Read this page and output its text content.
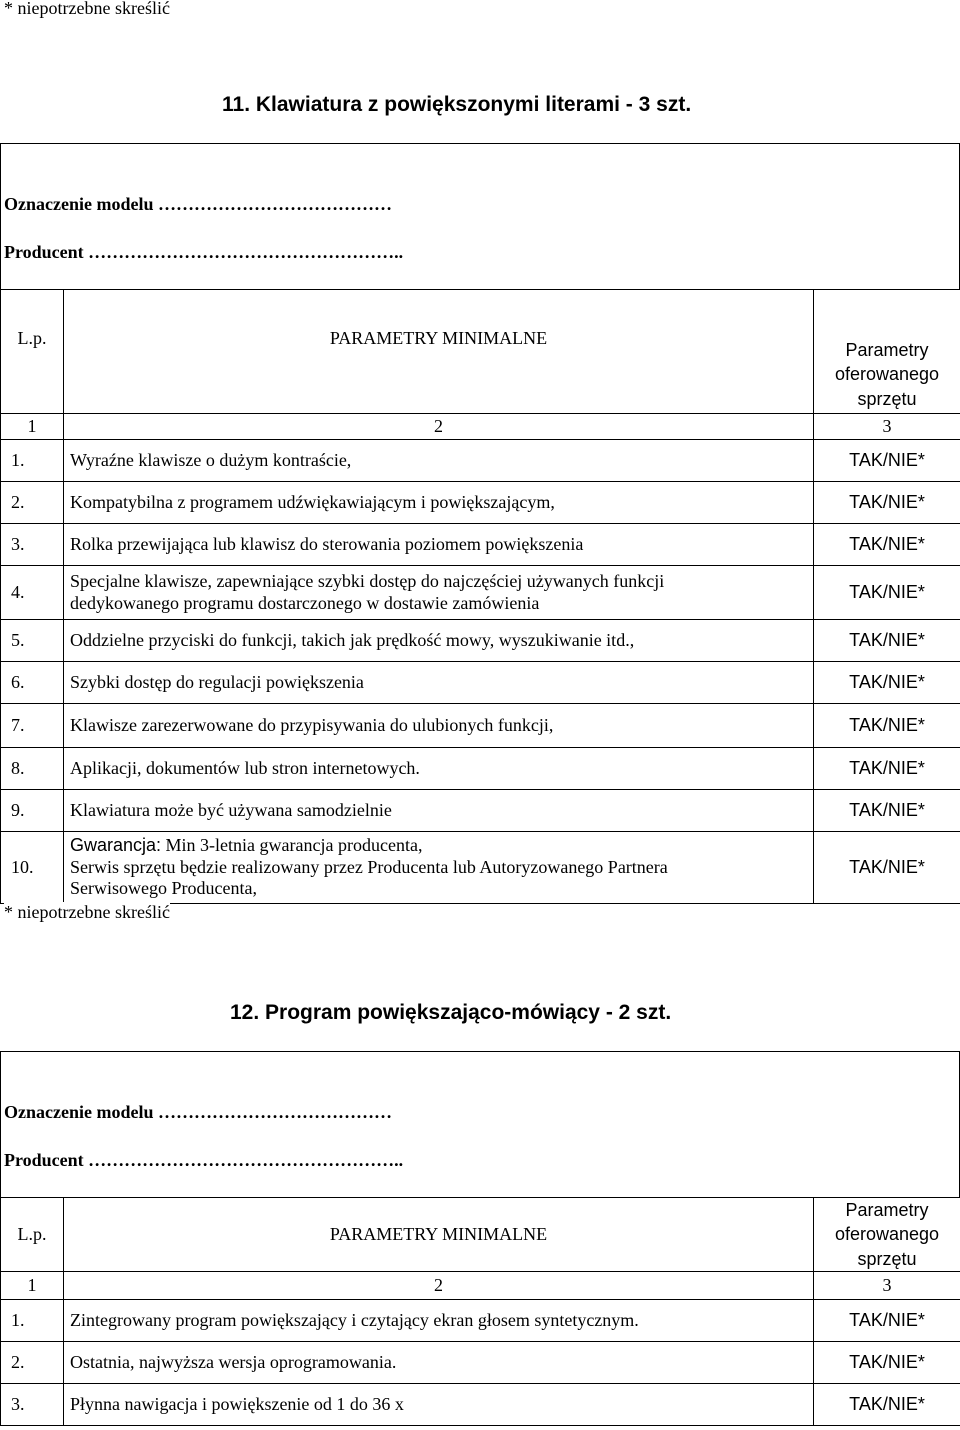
* niepotrzebne skreślić
11. Klawiatura z powiększonymi literami - 3 szt.
Oznaczenie modelu …………………………………
Producent ……………………………………………..
L.p.	PARAMETRY MINIMALNE	Parametry oferowanego sprzętu
1	2	3
1.	Wyraźne klawisze o dużym kontraście,	TAK/NIE*
2.	Kompatybilna z programem udźwiękawiającym i powiększającym,	TAK/NIE*
3.	Rolka przewijająca lub klawisz do sterowania poziomem powiększenia	TAK/NIE*
4.	Specjalne klawisze, zapewniające szybki dostęp do najczęściej używanych funkcji
dedykowanego programu dostarczonego w dostawie zamówienia	TAK/NIE*
5.	Oddzielne przyciski do funkcji, takich jak prędkość mowy, wyszukiwanie itd.,	TAK/NIE*
6.	Szybki dostęp do regulacji powiększenia	TAK/NIE*
7.	Klawisze zarezerwowane do przypisywania do ulubionych funkcji,	TAK/NIE*
8.	Aplikacji, dokumentów lub stron internetowych.	TAK/NIE*
9.	Klawiatura może być używana samodzielnie	TAK/NIE*
10.	Gwarancja: Min 3-letnia gwarancja producenta,
Serwis sprzętu będzie realizowany przez Producenta lub Autoryzowanego Partnera
Serwisowego Producenta,	TAK/NIE*
* niepotrzebne skreślić
12. Program powiększająco-mówiący - 2 szt.
Oznaczenie modelu …………………………………
Producent ……………………………………………..
L.p.	PARAMETRY MINIMALNE	Parametry oferowanego sprzętu
1	2	3
1.	Zintegrowany program powiększający i czytający ekran głosem syntetycznym.	TAK/NIE*
2.	Ostatnia, najwyższa wersja oprogramowania.	TAK/NIE*
3.	Płynna nawigacja i powiększenie od 1 do 36 x	TAK/NIE*
